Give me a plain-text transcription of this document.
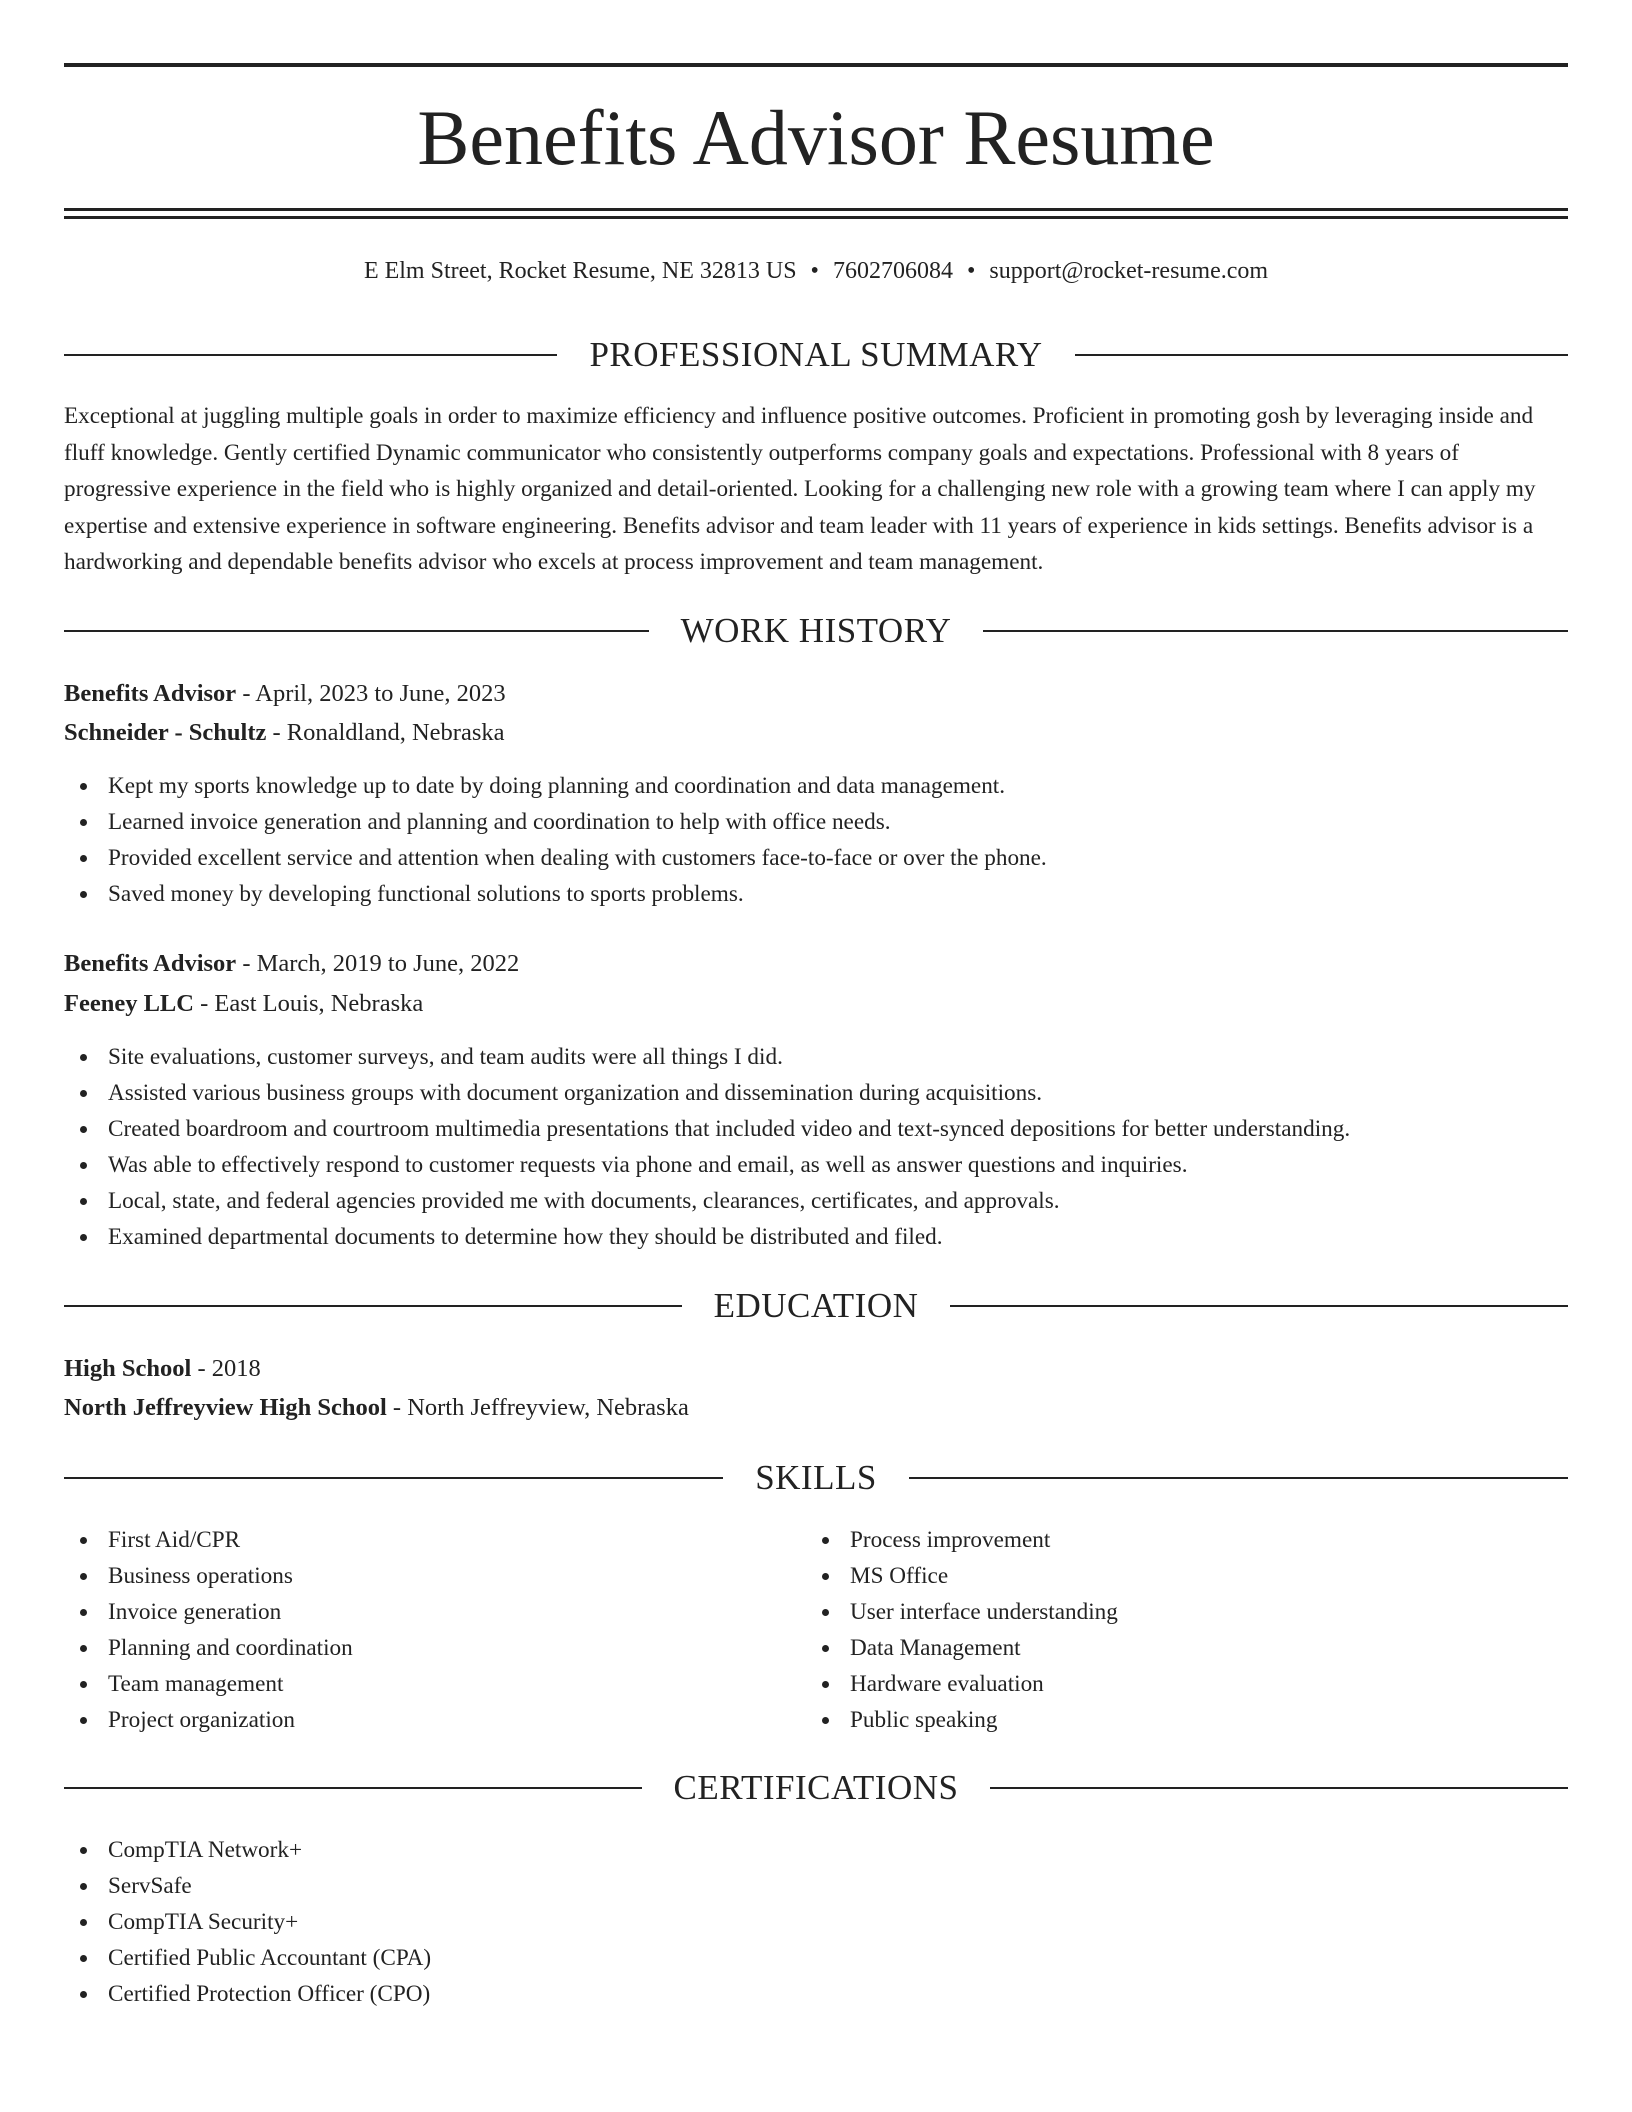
Benefits Advisor Resume
E Elm Street, Rocket Resume, NE 32813 US • 7602706084 • support@rocket-resume.com
PROFESSIONAL SUMMARY

Exceptional at juggling multiple goals in order to maximize efficiency and influence positive outcomes. Proficient in promoting gosh by leveraging inside and fluff knowledge. Gently certified Dynamic communicator who consistently outperforms company goals and expectations. Professional with 8 years of progressive experience in the field who is highly organized and detail-oriented. Looking for a challenging new role with a growing team where I can apply my expertise and extensive experience in software engineering. Benefits advisor and team leader with 11 years of experience in kids settings. Benefits advisor is a hardworking and dependable benefits advisor who excels at process improvement and team management.

WORK HISTORY
Benefits Advisor - April, 2023 to June, 2023
Schneider - Schultz - Ronaldland, Nebraska
Kept my sports knowledge up to date by doing planning and coordination and data management.
Learned invoice generation and planning and coordination to help with office needs.
Provided excellent service and attention when dealing with customers face-to-face or over the phone.
Saved money by developing functional solutions to sports problems.
Benefits Advisor - March, 2019 to June, 2022
Feeney LLC - East Louis, Nebraska
Site evaluations, customer surveys, and team audits were all things I did.
Assisted various business groups with document organization and dissemination during acquisitions.
Created boardroom and courtroom multimedia presentations that included video and text-synced depositions for better understanding.
Was able to effectively respond to customer requests via phone and email, as well as answer questions and inquiries.
Local, state, and federal agencies provided me with documents, clearances, certificates, and approvals.
Examined departmental documents to determine how they should be distributed and filed.
EDUCATION
High School - 2018
North Jeffreyview High School - North Jeffreyview, Nebraska
SKILLS
First Aid/CPR
Business operations
Invoice generation
Planning and coordination
Team management
Project organization
Process improvement
MS Office
User interface understanding
Data Management
Hardware evaluation
Public speaking
CERTIFICATIONS
CompTIA Network+
ServSafe
CompTIA Security+
Certified Public Accountant (CPA)
Certified Protection Officer (CPO)
